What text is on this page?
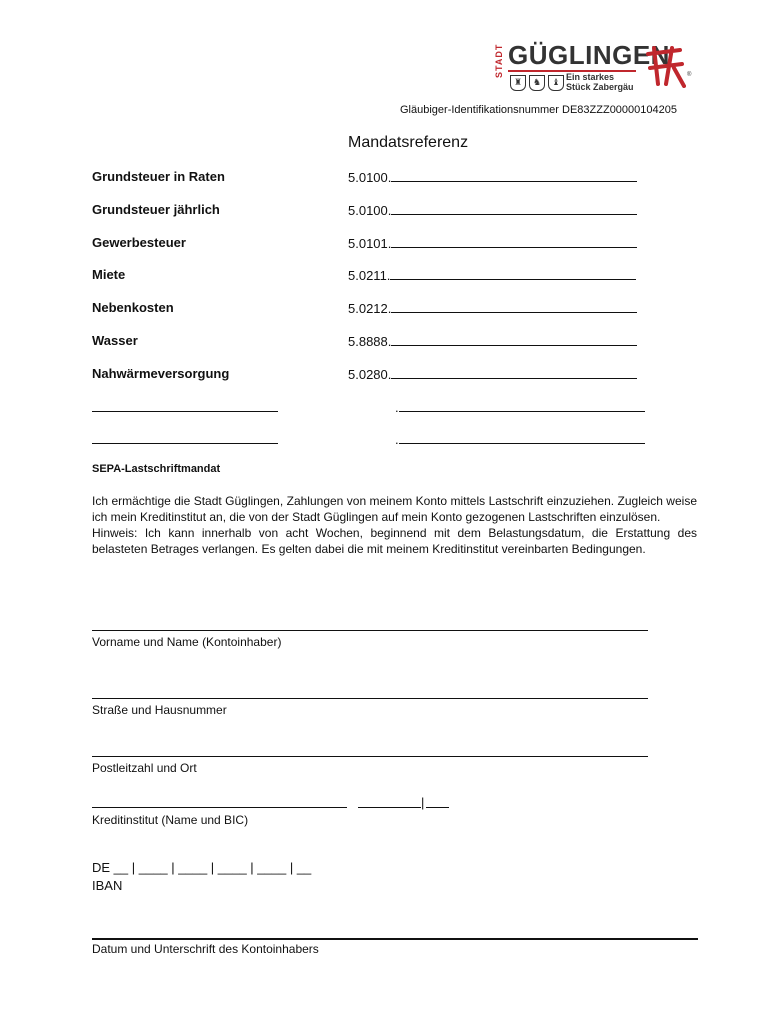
STADT GÜGLINGEN
♜	♞	♝ Ein starkes
Stück Zabergäu
®
Gläubiger-Identifikationsnummer DE83ZZZ00000104205
Mandatsreferenz
Grundsteuer in Raten	5.0100.
Grundsteuer jährlich	5.0100.
Gewerbesteuer	5.0101.
Miete	5.0211.
Nebenkosten	5.0212.
Wasser	5.8888.
Nahwärmeversorgung	5.0280.
.
.
SEPA-Lastschriftmandat

Ich ermächtige die Stadt Güglingen, Zahlungen von meinem Konto mittels Lastschrift einzuziehen. Zugleich weise ich mein Kreditinstitut an, die von der Stadt Güglingen auf mein Konto gezogenen Lastschriften einzulösen.

Hinweis: Ich kann innerhalb von acht Wochen, beginnend mit dem Belastungsdatum, die Erstattung des belasteten Betrages verlangen. Es gelten dabei die mit meinem Kreditinstitut vereinbarten Bedingungen.

Vorname und Name (Kontoinhaber)
Straße und Hausnummer
Postleitzahl und Ort
|
Kreditinstitut (Name und BIC)
DE __ | ____ | ____ | ____ | ____ | __
IBAN
Datum und Unterschrift des Kontoinhabers
